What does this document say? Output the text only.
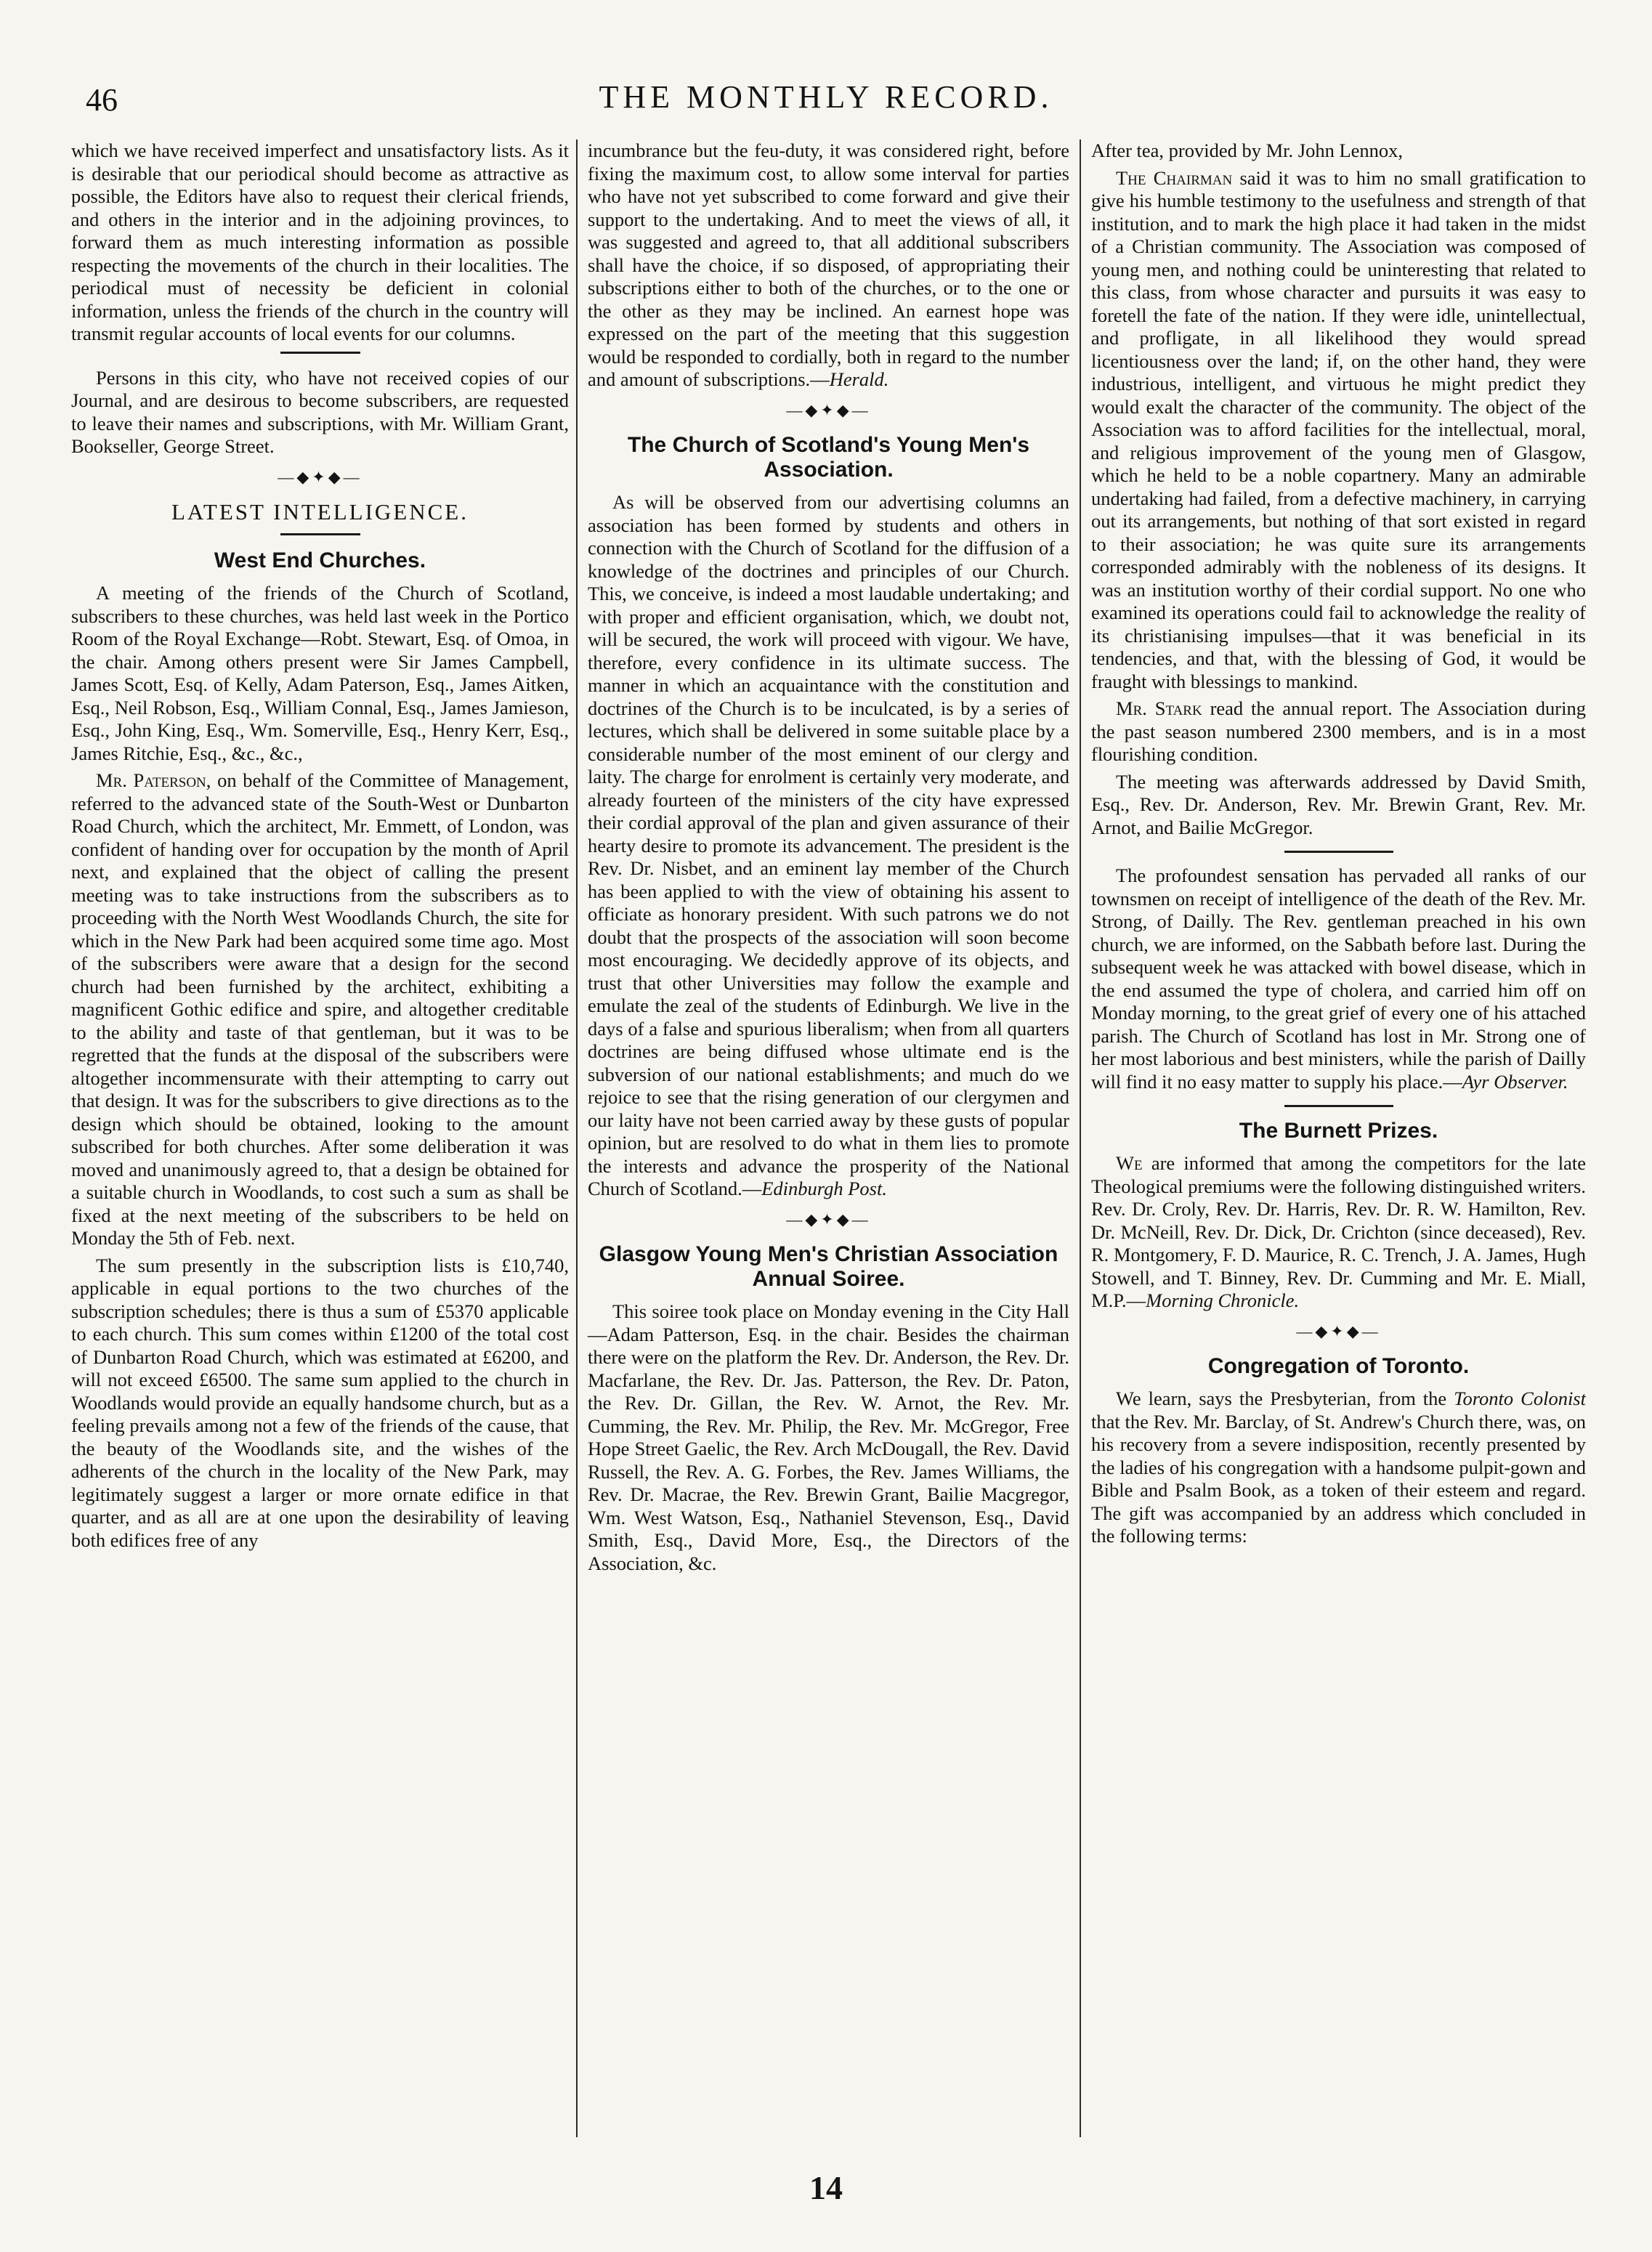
46	THE MONTHLY RECORD.

which we have received imperfect and unsatisfactory lists. As it is desirable that our periodical should become as attractive as possible, the Editors have also to request their clerical friends, and others in the interior and in the adjoining provinces, to forward them as much interesting information as possible respecting the movements of the church in their localities. The periodical must of necessity be deficient in colonial information, unless the friends of the church in the country will transmit regular accounts of local events for our columns.

Persons in this city, who have not received copies of our Journal, and are desirous to become subscribers, are requested to leave their names and subscriptions, with Mr. William Grant, Bookseller, George Street.

—◆✦◆—
LATEST INTELLIGENCE.
West End Churches.

A meeting of the friends of the Church of Scotland, subscribers to these churches, was held last week in the Portico Room of the Royal Exchange—Robt. Stewart, Esq. of Omoa, in the chair. Among others present were Sir James Campbell, James Scott, Esq. of Kelly, Adam Paterson, Esq., James Aitken, Esq., Neil Robson, Esq., William Connal, Esq., James Jamieson, Esq., John King, Esq., Wm. Somerville, Esq., Henry Kerr, Esq., James Ritchie, Esq., &c., &c.,

Mr. Paterson, on behalf of the Committee of Management, referred to the advanced state of the South-West or Dunbarton Road Church, which the architect, Mr. Emmett, of London, was confident of handing over for occupation by the month of April next, and explained that the object of calling the present meeting was to take instructions from the subscribers as to proceeding with the North West Woodlands Church, the site for which in the New Park had been acquired some time ago. Most of the subscribers were aware that a design for the second church had been furnished by the architect, exhibiting a magnificent Gothic edifice and spire, and altogether creditable to the ability and taste of that gentleman, but it was to be regretted that the funds at the disposal of the subscribers were altogether incommensurate with their attempting to carry out that design. It was for the subscribers to give directions as to the design which should be obtained, looking to the amount subscribed for both churches. After some deliberation it was moved and unanimously agreed to, that a design be obtained for a suitable church in Woodlands, to cost such a sum as shall be fixed at the next meeting of the subscribers to be held on Monday the 5th of Feb. next.

The sum presently in the subscription lists is £10,740, applicable in equal portions to the two churches of the subscription schedules; there is thus a sum of £5370 applicable to each church. This sum comes within £1200 of the total cost of Dunbarton Road Church, which was estimated at £6200, and will not exceed £6500. The same sum applied to the church in Woodlands would provide an equally handsome church, but as a feeling prevails among not a few of the friends of the cause, that the beauty of the Woodlands site, and the wishes of the adherents of the church in the locality of the New Park, may legitimately suggest a larger or more ornate edifice in that quarter, and as all are at one upon the desirability of leaving both edifices free of any

incumbrance but the feu-duty, it was considered right, before fixing the maximum cost, to allow some interval for parties who have not yet subscribed to come forward and give their support to the undertaking. And to meet the views of all, it was suggested and agreed to, that all additional subscribers shall have the choice, if so disposed, of appropriating their subscriptions either to both of the churches, or to the one or the other as they may be inclined. An earnest hope was expressed on the part of the meeting that this suggestion would be responded to cordially, both in regard to the number and amount of subscriptions.—Herald.

—◆✦◆—
The Church of Scotland's Young Men's Association.

As will be observed from our advertising columns an association has been formed by students and others in connection with the Church of Scotland for the diffusion of a knowledge of the doctrines and principles of our Church. This, we conceive, is indeed a most laudable undertaking; and with proper and efficient organisation, which, we doubt not, will be secured, the work will proceed with vigour. We have, therefore, every confidence in its ultimate success. The manner in which an acquaintance with the constitution and doctrines of the Church is to be inculcated, is by a series of lectures, which shall be delivered in some suitable place by a considerable number of the most eminent of our clergy and laity. The charge for enrolment is certainly very moderate, and already fourteen of the ministers of the city have expressed their cordial approval of the plan and given assurance of their hearty desire to promote its advancement. The president is the Rev. Dr. Nisbet, and an eminent lay member of the Church has been applied to with the view of obtaining his assent to officiate as honorary president. With such patrons we do not doubt that the prospects of the association will soon become most encouraging. We decidedly approve of its objects, and trust that other Universities may follow the example and emulate the zeal of the students of Edinburgh. We live in the days of a false and spurious liberalism; when from all quarters doctrines are being diffused whose ultimate end is the subversion of our national establishments; and much do we rejoice to see that the rising generation of our clergymen and our laity have not been carried away by these gusts of popular opinion, but are resolved to do what in them lies to promote the interests and advance the prosperity of the National Church of Scotland.—Edinburgh Post.

—◆✦◆—
Glasgow Young Men's Christian Association Annual Soiree.

This soiree took place on Monday evening in the City Hall—Adam Patterson, Esq. in the chair. Besides the chairman there were on the platform the Rev. Dr. Anderson, the Rev. Dr. Macfarlane, the Rev. Dr. Jas. Patterson, the Rev. Dr. Paton, the Rev. Dr. Gillan, the Rev. W. Arnot, the Rev. Mr. Cumming, the Rev. Mr. Philip, the Rev. Mr. McGregor, Free Hope Street Gaelic, the Rev. Arch McDougall, the Rev. David Russell, the Rev. A. G. Forbes, the Rev. James Williams, the Rev. Dr. Macrae, the Rev. Brewin Grant, Bailie Macgregor, Wm. West Watson, Esq., Nathaniel Stevenson, Esq., David Smith, Esq., David More, Esq., the Directors of the Association, &c.

After tea, provided by Mr. John Lennox,

The Chairman said it was to him no small gratification to give his humble testimony to the usefulness and strength of that institution, and to mark the high place it had taken in the midst of a Christian community. The Association was composed of young men, and nothing could be uninteresting that related to this class, from whose character and pursuits it was easy to foretell the fate of the nation. If they were idle, unintellectual, and profligate, in all likelihood they would spread licentiousness over the land; if, on the other hand, they were industrious, intelligent, and virtuous he might predict they would exalt the character of the community. The object of the Association was to afford facilities for the intellectual, moral, and religious improvement of the young men of Glasgow, which he held to be a noble copartnery. Many an admirable undertaking had failed, from a defective machinery, in carrying out its arrangements, but nothing of that sort existed in regard to their association; he was quite sure its arrangements corresponded admirably with the nobleness of its designs. It was an institution worthy of their cordial support. No one who examined its operations could fail to acknowledge the reality of its christianising impulses—that it was beneficial in its tendencies, and that, with the blessing of God, it would be fraught with blessings to mankind.

Mr. Stark read the annual report. The Association during the past season numbered 2300 members, and is in a most flourishing condition.

The meeting was afterwards addressed by David Smith, Esq., Rev. Dr. Anderson, Rev. Mr. Brewin Grant, Rev. Mr. Arnot, and Bailie McGregor.

The profoundest sensation has pervaded all ranks of our townsmen on receipt of intelligence of the death of the Rev. Mr. Strong, of Dailly. The Rev. gentleman preached in his own church, we are informed, on the Sabbath before last. During the subsequent week he was attacked with bowel disease, which in the end assumed the type of cholera, and carried him off on Monday morning, to the great grief of every one of his attached parish. The Church of Scotland has lost in Mr. Strong one of her most laborious and best ministers, while the parish of Dailly will find it no easy matter to supply his place.—Ayr Observer.

The Burnett Prizes.

We are informed that among the competitors for the late Theological premiums were the following distinguished writers. Rev. Dr. Croly, Rev. Dr. Harris, Rev. Dr. R. W. Hamilton, Rev. Dr. McNeill, Rev. Dr. Dick, Dr. Crichton (since deceased), Rev. R. Montgomery, F. D. Maurice, R. C. Trench, J. A. James, Hugh Stowell, and T. Binney, Rev. Dr. Cumming and Mr. E. Miall, M.P.—Morning Chronicle.

—◆✦◆—
Congregation of Toronto.

We learn, says the Presbyterian, from the Toronto Colonist that the Rev. Mr. Barclay, of St. Andrew's Church there, was, on his recovery from a severe indisposition, recently presented by the ladies of his congregation with a handsome pulpit-gown and Bible and Psalm Book, as a token of their esteem and regard. The gift was accompanied by an address which concluded in the following terms:

14
